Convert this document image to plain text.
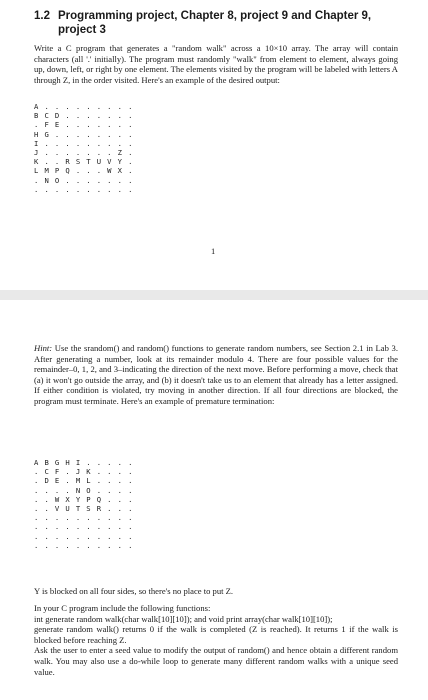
1.2 Programming project, Chapter 8, project 9 and Chapter 9, project 3

Write a C program that generates a "random walk" across a 10×10 array. The array will contain characters (all '.' initially). The program must randomly "walk" from element to element, always going up, down, left, or right by one element. The elements visited by the program will be labeled with letters A through Z, in the order visited. Here's an example of the desired output:

A . . . . . . . . .
B C D . . . . . . .
. F E . . . . . . .
H G . . . . . . . .
I . . . . . . . . .
J . . . . . . . Z .
K . . R S T U V Y .
L M P Q . . . W X .
. N O . . . . . . .
. . . . . . . . . .
1

Hint: Use the srandom() and random() functions to generate random numbers, see Section 2.1 in Lab 3. After generating a number, look at its remainder modulo 4. There are four possible values for the remainder–0, 1, 2, and 3–indicating the direction of the next move. Before performing a move, check that (a) it won't go outside the array, and (b) it doesn't take us to an element that already has a letter assigned. If either condition is violated, try moving in another direction. If all four directions are blocked, the program must terminate. Here's an example of premature termination:

A B G H I . . . . .
. C F . J K . . . .
. D E . M L . . . .
. . . . N O . . . .
. . W X Y P Q . . .
. . V U T S R . . .
. . . . . . . . . .
. . . . . . . . . .
. . . . . . . . . .
. . . . . . . . . .

Y is blocked on all four sides, so there's no place to put Z.

In your C program include the following functions:
int generate random walk(char walk[10][10]); and void print array(char walk[10][10]);
generate random walk() returns 0 if the walk is completed (Z is reached). It returns 1 if the walk is blocked before reaching Z.
Ask the user to enter a seed value to modify the output of random() and hence obtain a different random walk. You may also use a do-while loop to generate many different random walks with a unique seed value.
